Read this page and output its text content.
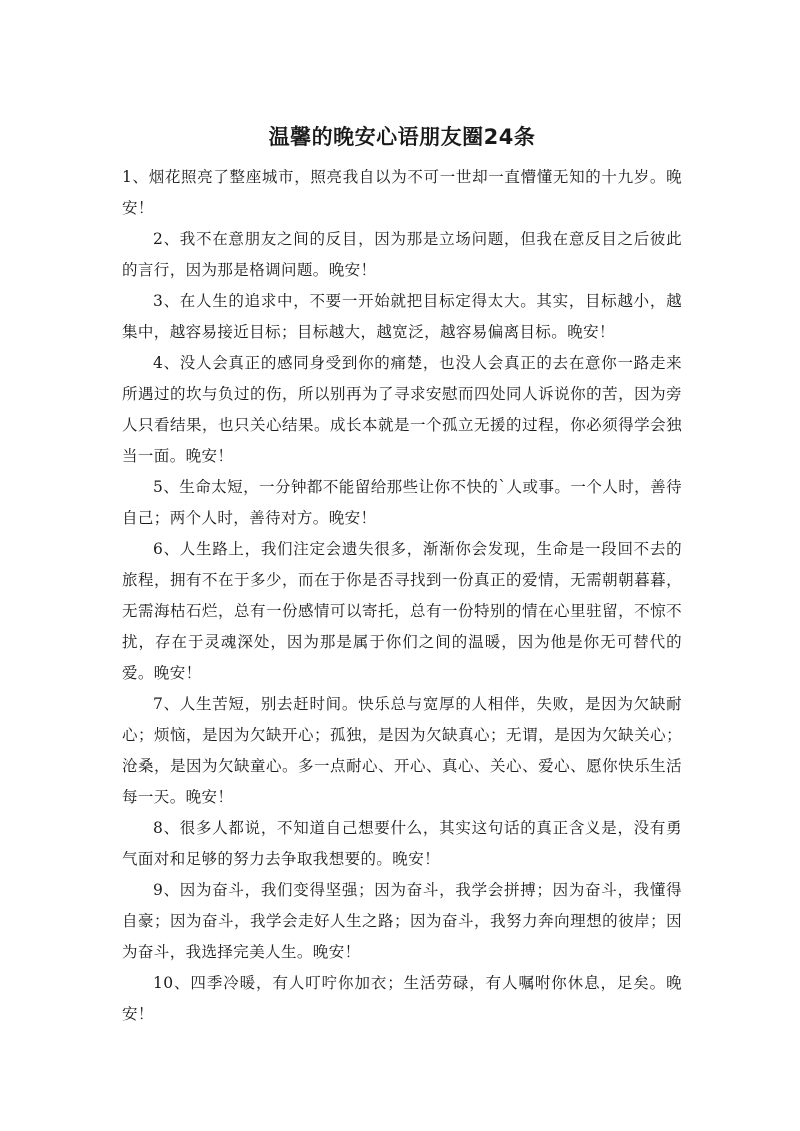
温馨的晚安心语朋友圈24条

1、烟花照亮了整座城市，照亮我自以为不可一世却一直懵懂无知的十九岁。晚安！

2、我不在意朋友之间的反目，因为那是立场问题，但我在意反目之后彼此的言行，因为那是格调问题。晚安！

3、在人生的追求中，不要一开始就把目标定得太大。其实，目标越小，越集中，越容易接近目标；目标越大，越宽泛，越容易偏离目标。晚安！

4、没人会真正的感同身受到你的痛楚，也没人会真正的去在意你一路走来所遇过的坎与负过的伤，所以别再为了寻求安慰而四处同人诉说你的苦，因为旁人只看结果，也只关心结果。成长本就是一个孤立无援的过程，你必须得学会独当一面。晚安！

5、生命太短，一分钟都不能留给那些让你不快的`人或事。一个人时，善待自己；两个人时，善待对方。晚安！

6、人生路上，我们注定会遗失很多，渐渐你会发现，生命是一段回不去的旅程，拥有不在于多少，而在于你是否寻找到一份真正的爱情，无需朝朝暮暮，无需海枯石烂，总有一份感情可以寄托，总有一份特别的情在心里驻留，不惊不扰，存在于灵魂深处，因为那是属于你们之间的温暖，因为他是你无可替代的爱。晚安！

7、人生苦短，别去赶时间。快乐总与宽厚的人相伴，失败，是因为欠缺耐心；烦恼，是因为欠缺开心；孤独，是因为欠缺真心；无谓，是因为欠缺关心；沧桑，是因为欠缺童心。多一点耐心、开心、真心、关心、爱心、愿你快乐生活每一天。晚安！

8、很多人都说，不知道自己想要什么，其实这句话的真正含义是，没有勇气面对和足够的努力去争取我想要的。晚安！

9、因为奋斗，我们变得坚强；因为奋斗，我学会拼搏；因为奋斗，我懂得自豪；因为奋斗，我学会走好人生之路；因为奋斗，我努力奔向理想的彼岸；因为奋斗，我选择完美人生。晚安！

10、四季冷暖，有人叮咛你加衣；生活劳碌，有人嘱咐你休息，足矣。晚安！
